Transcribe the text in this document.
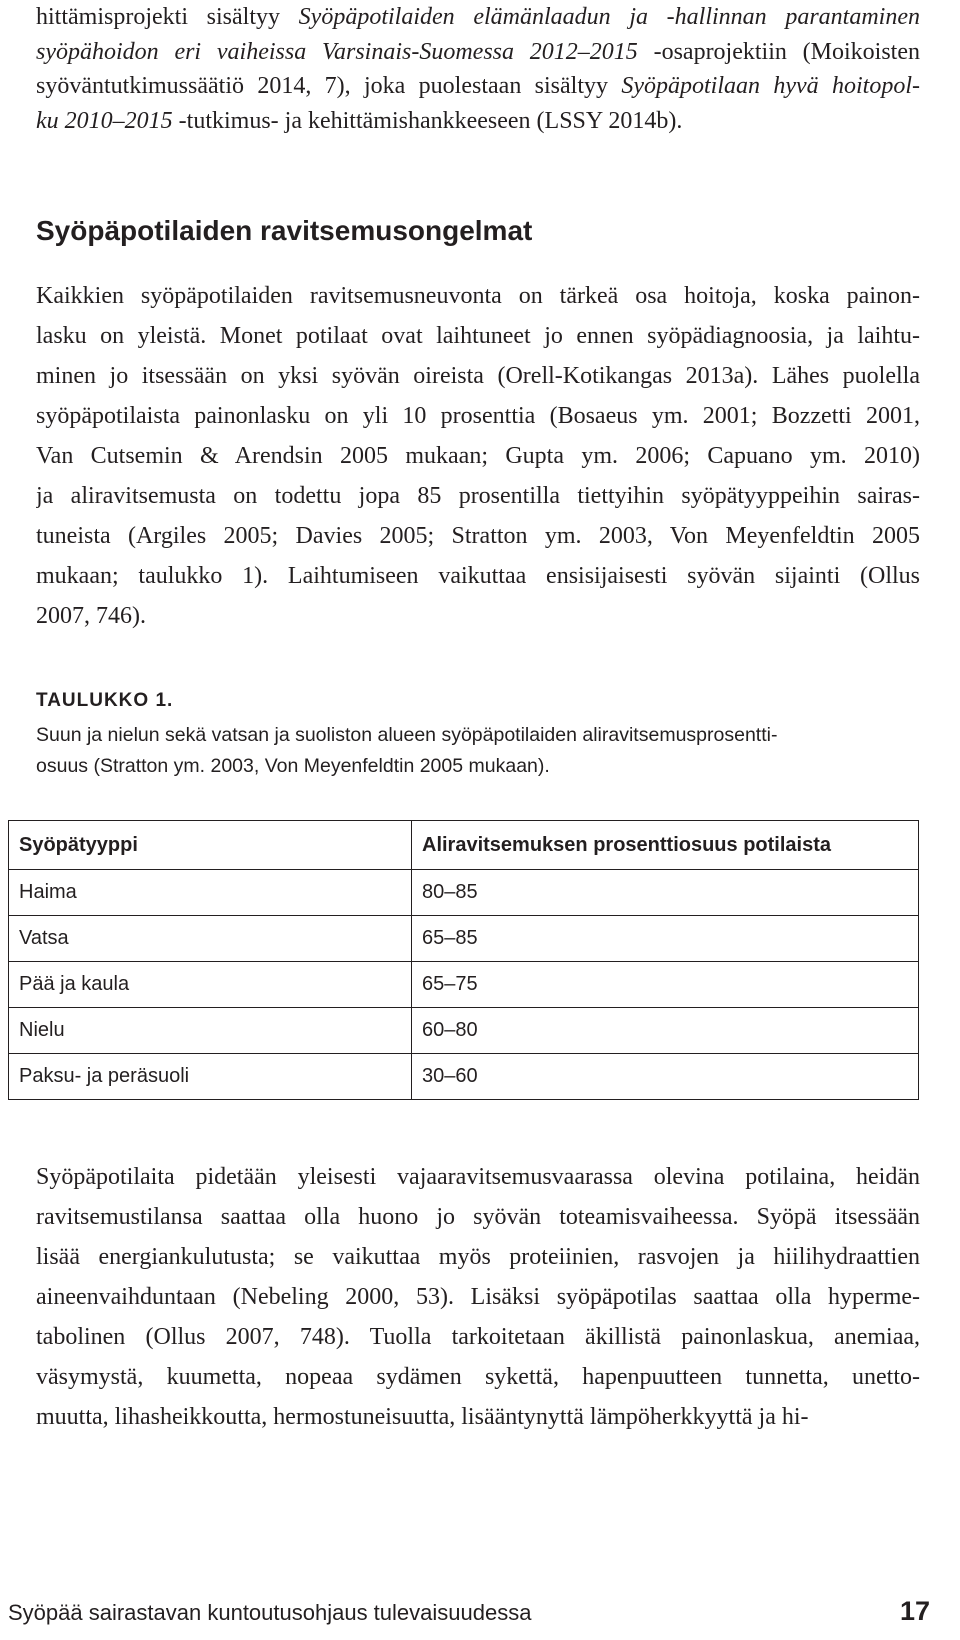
hittämisprojekti sisältyy Syöpäpotilaiden elämänlaadun ja -hallinnan parantaminen
syöpähoidon eri vaiheissa Varsinais-Suomessa 2012–2015 -osaprojektiin (Moikoisten
syöväntutkimussäätiö 2014, 7), joka puolestaan sisältyy Syöpäpotilaan hyvä hoitopol-
ku 2010–2015 -tutkimus- ja kehittämishankkeeseen (LSSY 2014b).
Syöpäpotilaiden ravitsemusongelmat
Kaikkien syöpäpotilaiden ravitsemusneuvonta on tärkeä osa hoitoja, koska painon-
lasku on yleistä. Monet potilaat ovat laihtuneet jo ennen syöpädiagnoosia, ja laihtu-
minen jo itsessään on yksi syövän oireista (Orell-Kotikangas 2013a). Lähes puolella
syöpäpotilaista painonlasku on yli 10 prosenttia (Bosaeus ym. 2001; Bozzetti 2001,
Van Cutsemin & Arendsin 2005 mukaan; Gupta ym. 2006; Capuano ym. 2010)
ja aliravitsemusta on todettu jopa 85 prosentilla tiettyihin syöpätyyppeihin sairas-
tuneista (Argiles 2005; Davies 2005; Stratton ym. 2003, Von Meyenfeldtin 2005
mukaan; taulukko 1). Laihtumiseen vaikuttaa ensisijaisesti syövän sijainti (Ollus
2007, 746).

TAULUKKO 1.

Suun ja nielun sekä vatsan ja suoliston alueen syöpäpotilaiden aliravitsemusprosentti-
osuus (Stratton ym. 2003, Von Meyenfeldtin 2005 mukaan).
Syöpätyyppi	Aliravitsemuksen prosenttiosuus potilaista
Haima	80–85
Vatsa	65–85
Pää ja kaula	65–75
Nielu	60–80
Paksu- ja peräsuoli	30–60
Syöpäpotilaita pidetään yleisesti vajaaravitsemusvaarassa olevina potilaina, heidän
ravitsemustilansa saattaa olla huono jo syövän toteamisvaiheessa. Syöpä itsessään
lisää energiankulutusta; se vaikuttaa myös proteiinien, rasvojen ja hiilihydraattien
aineenvaihduntaan (Nebeling 2000, 53). Lisäksi syöpäpotilas saattaa olla hyperme-
tabolinen (Ollus 2007, 748). Tuolla tarkoitetaan äkillistä painonlaskua, anemiaa,
väsymystä, kuumetta, nopeaa sydämen sykettä, hapenpuutteen tunnetta, unetto-
muutta, lihasheikkoutta, hermostuneisuutta, lisääntynyttä lämpöherkkyyttä ja hi-
Syöpää sairastavan kuntoutusohjaus tulevaisuudessa	17
